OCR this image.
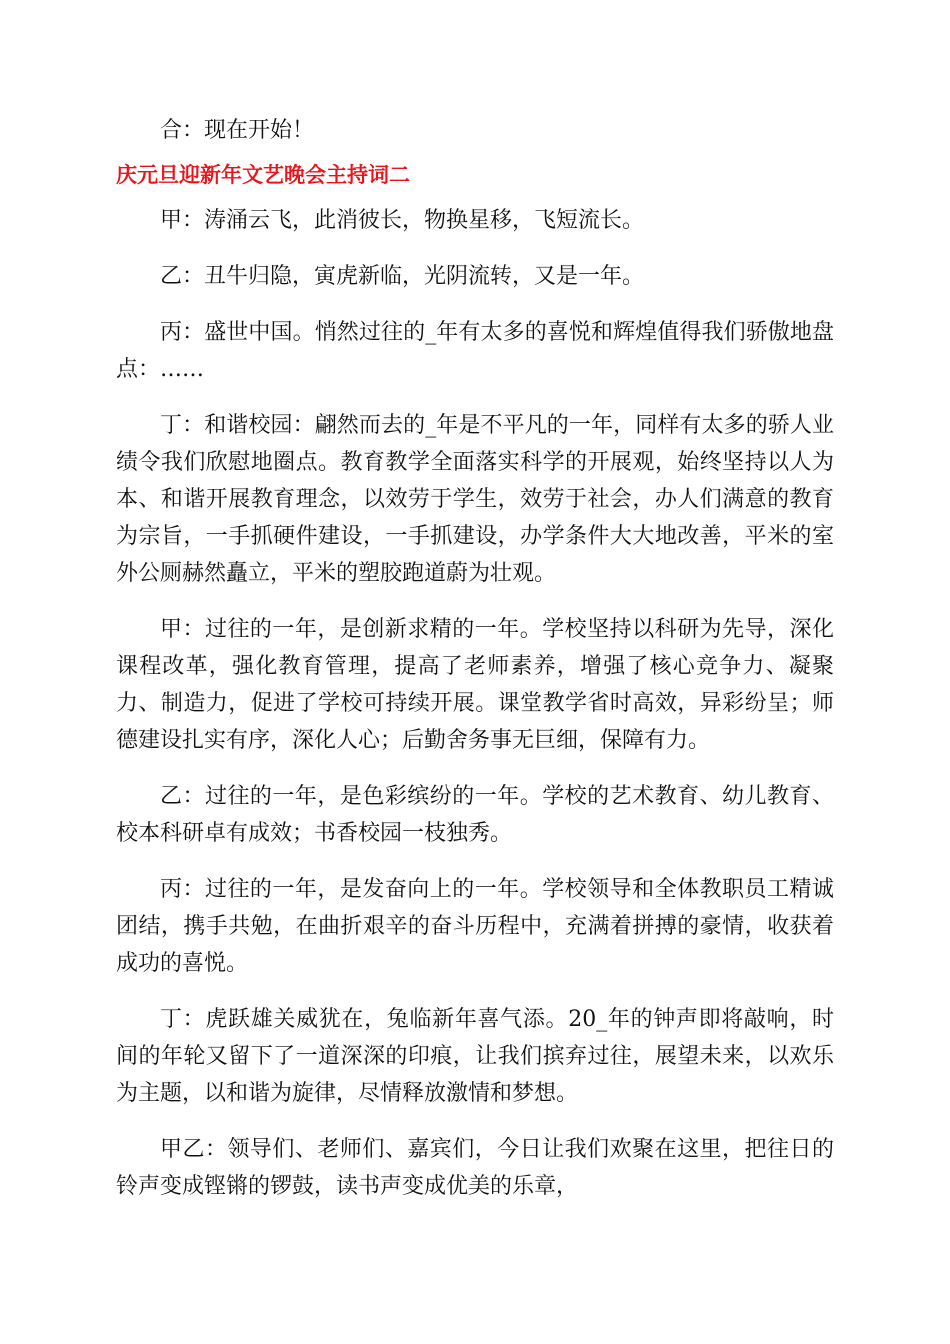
合：现在开始！

庆元旦迎新年文艺晚会主持词二

甲：涛涌云飞，此消彼长，物换星移，飞短流长。

乙：丑牛归隐，寅虎新临，光阴流转，又是一年。

丙：盛世中国。悄然过往的_年有太多的喜悦和辉煌值得我们骄傲地盘点：……

丁：和谐校园：翩然而去的_年是不平凡的一年，同样有太多的骄人业绩令我们欣慰地圈点。教育教学全面落实科学的开展观，始终坚持以人为本、和谐开展教育理念，以效劳于学生，效劳于社会，办人们满意的教育为宗旨，一手抓硬件建设，一手抓建设，办学条件大大地改善，平米的室外公厕赫然矗立，平米的塑胶跑道蔚为壮观。

甲：过往的一年，是创新求精的一年。学校坚持以科研为先导，深化课程改革，强化教育管理，提高了老师素养，增强了核心竞争力、凝聚力、制造力，促进了学校可持续开展。课堂教学省时高效，异彩纷呈；师德建设扎实有序，深化人心；后勤舍务事无巨细，保障有力。

乙：过往的一年，是色彩缤纷的一年。学校的艺术教育、幼儿教育、校本科研卓有成效；书香校园一枝独秀。

丙：过往的一年，是发奋向上的一年。学校领导和全体教职员工精诚团结，携手共勉，在曲折艰辛的奋斗历程中，充满着拼搏的豪情，收获着成功的喜悦。

丁：虎跃雄关威犹在，兔临新年喜气添。20_年的钟声即将敲响，时间的年轮又留下了一道深深的印痕，让我们摈弃过往，展望未来，以欢乐为主题，以和谐为旋律，尽情释放激情和梦想。

甲乙：领导们、老师们、嘉宾们，今日让我们欢聚在这里，把往日的铃声变成铿锵的锣鼓，读书声变成优美的乐章，
